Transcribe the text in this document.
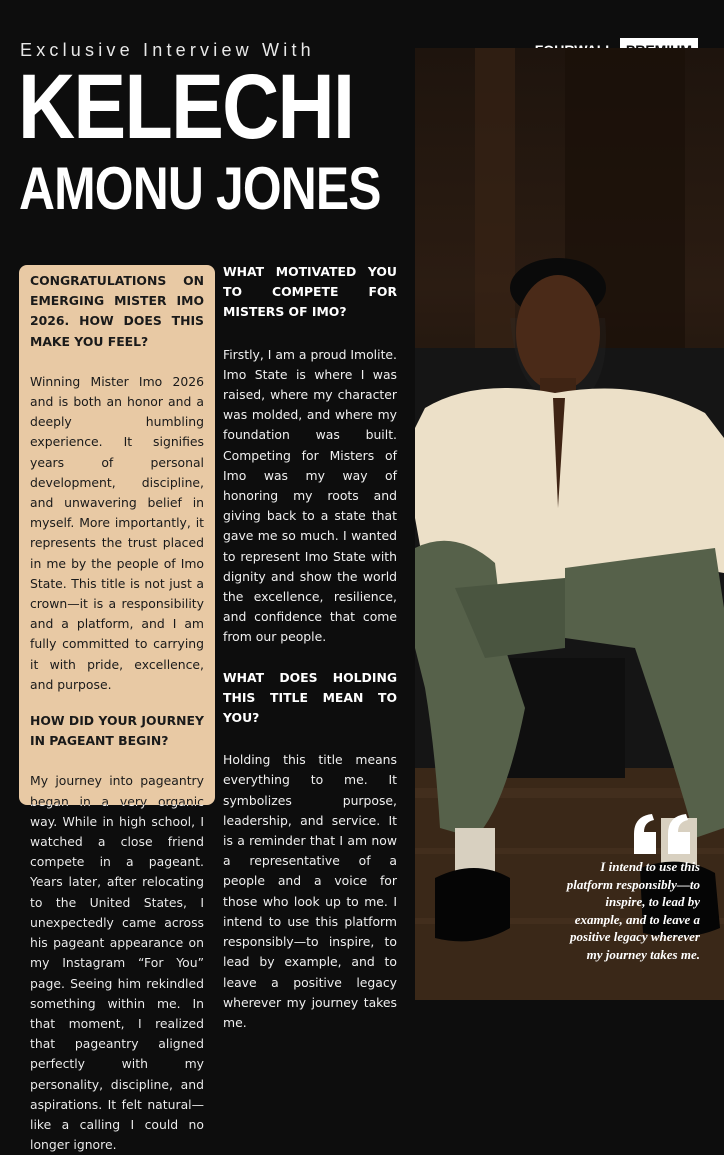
Exclusive Interview With
KELECHI
AMONU JONES
CONGRATULATIONS ON EMERGING MISTER IMO 2026. HOW DOES THIS MAKE YOU FEEL?

Winning Mister Imo 2026 and is both an honor and a deeply humbling experience. It signifies years of personal development, discipline, and unwavering belief in myself. More importantly, it represents the trust placed in me by the people of Imo State. This title is not just a crown—it is a responsibility and a platform, and I am fully committed to carrying it with pride, excellence, and purpose.

HOW DID YOUR JOURNEY IN PAGEANT BEGIN?

My journey into pageantry began in a very organic way. While in high school, I watched a close friend compete in a pageant. Years later, after relocating to the United States, I unexpectedly came across his pageant appearance on my Instagram “For You” page. Seeing him rekindled something within me. In that moment, I realized that pageantry aligned perfectly with my personality, discipline, and aspirations. It felt natural—like a calling I could no longer ignore.

WHAT MOTIVATED YOU TO COMPETE FOR MISTERS OF IMO?

Firstly, I am a proud Imolite. Imo State is where I was raised, where my character was molded, and where my foundation was built. Competing for Misters of Imo was my way of honoring my roots and giving back to a state that gave me so much. I wanted to represent Imo State with dignity and show the world the excellence, resilience, and confidence that come from our people.

WHAT DOES HOLDING THIS TITLE MEAN TO YOU?

Holding this title means everything to me. It symbolizes purpose, leadership, and service. It is a reminder that I am now a representative of a people and a voice for those who look up to me. I intend to use this platform responsibly—to inspire, to lead by example, and to leave a positive legacy wherever my journey takes me.

I intend to use this platform responsibly—to inspire, to lead by example, and to leave a positive legacy wherever my journey takes me.
